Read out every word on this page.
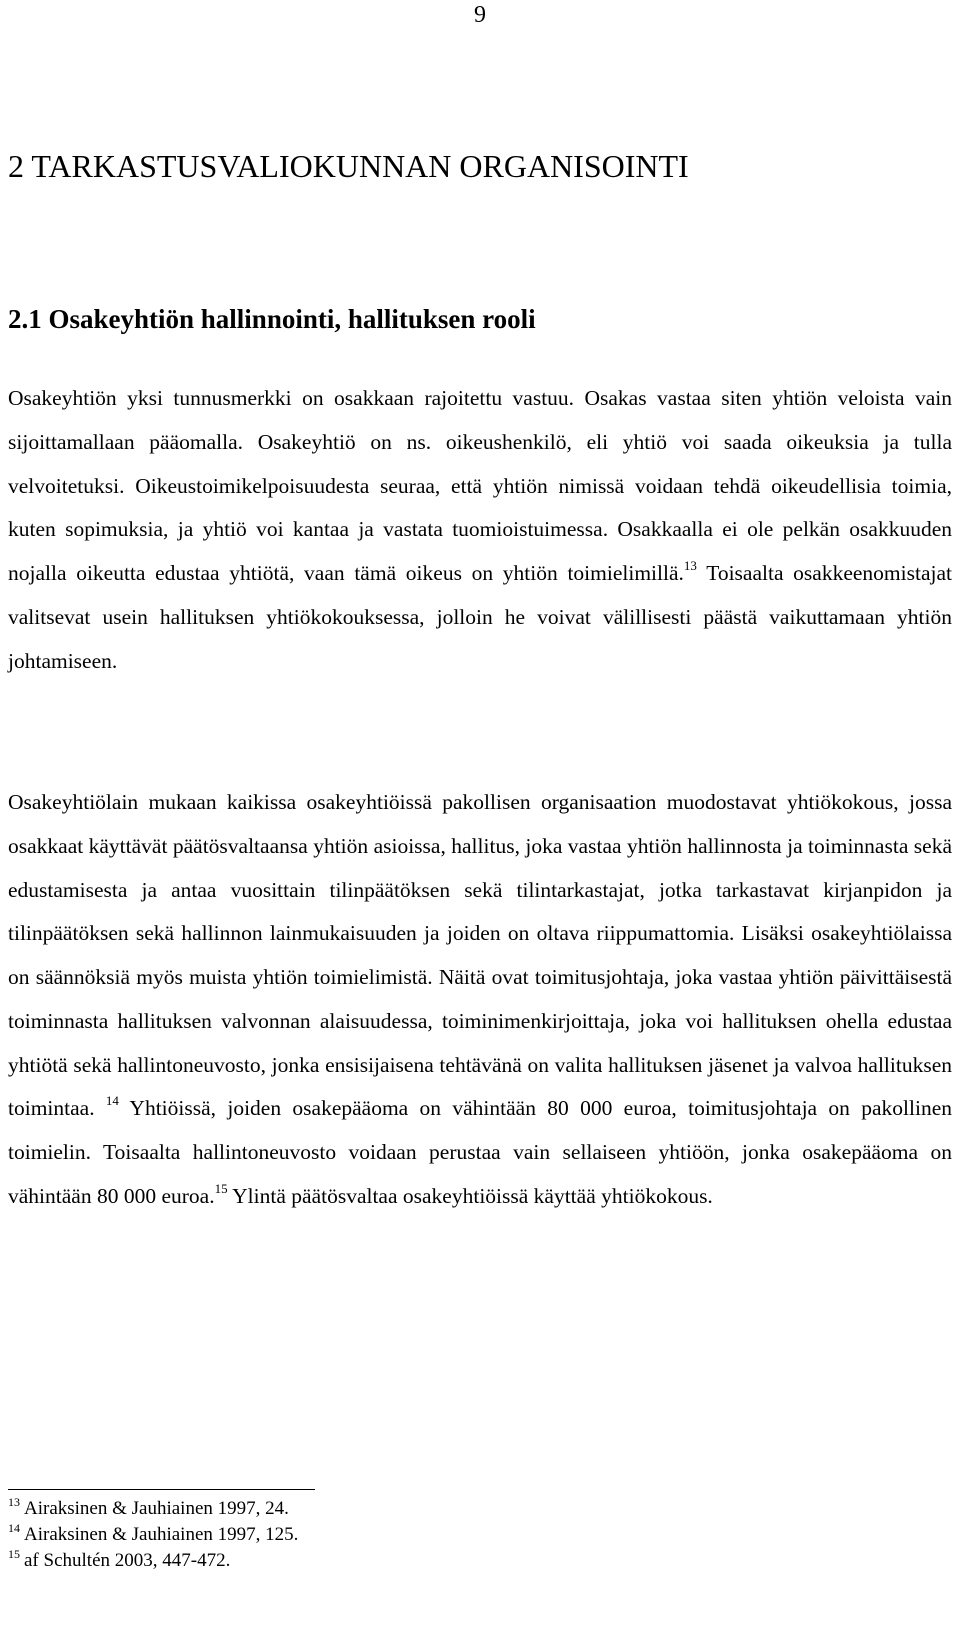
9
2 TARKASTUSVALIOKUNNAN ORGANISOINTI
2.1 Osakeyhtiön hallinnointi, hallituksen rooli

Osakeyhtiön yksi tunnusmerkki on osakkaan rajoitettu vastuu. Osakas vastaa siten yhtiön veloista vain sijoittamallaan pääomalla. Osakeyhtiö on ns. oikeushenkilö, eli yhtiö voi saada oikeuksia ja tulla velvoitetuksi. Oikeustoimikelpoisuudesta seuraa, että yhtiön nimissä voidaan tehdä oikeudellisia toimia, kuten sopimuksia, ja yhtiö voi kantaa ja vastata tuomioistuimessa. Osakkaalla ei ole pelkän osakkuuden nojalla oikeutta edustaa yhtiötä, vaan tämä oikeus on yhtiön toimielimillä.$^{13}$ Toisaalta osakkeenomistajat valitsevat usein hallituksen yhtiökokouksessa, jolloin he voivat välillisesti päästä vaikuttamaan yhtiön johtamiseen.

Osakeyhtiölain mukaan kaikissa osakeyhtiöissä pakollisen organisaation muodostavat yhtiökokous, jossa osakkaat käyttävät päätösvaltaansa yhtiön asioissa, hallitus, joka vastaa yhtiön hallinnosta ja toiminnasta sekä edustamisesta ja antaa vuosittain tilinpäätöksen sekä tilintarkastajat, jotka tarkastavat kirjanpidon ja tilinpäätöksen sekä hallinnon lainmukaisuuden ja joiden on oltava riippumattomia. Lisäksi osakeyhtiölaissa on säännöksiä myös muista yhtiön toimielimistä. Näitä ovat toimitusjohtaja, joka vastaa yhtiön päivittäisestä toiminnasta hallituksen valvonnan alaisuudessa, toiminimenkirjoittaja, joka voi hallituksen ohella edustaa yhtiötä sekä hallintoneuvosto, jonka ensisijaisena tehtävänä on valita hallituksen jäsenet ja valvoa hallituksen toimintaa. $^{14}$ Yhtiöissä, joiden osakepääoma on vähintään 80 000 euroa, toimitusjohtaja on pakollinen toimielin. Toisaalta hallintoneuvosto voidaan perustaa vain sellaiseen yhtiöön, jonka osakepääoma on vähintään 80 000 euroa.$^{15}$ Ylintä päätösvaltaa osakeyhtiöissä käyttää yhtiökokous.

$^{13}$ Airaksinen & Jauhiainen 1997, 24.
$^{14}$ Airaksinen & Jauhiainen 1997, 125.
$^{15}$ af Schultén 2003, 447-472.
